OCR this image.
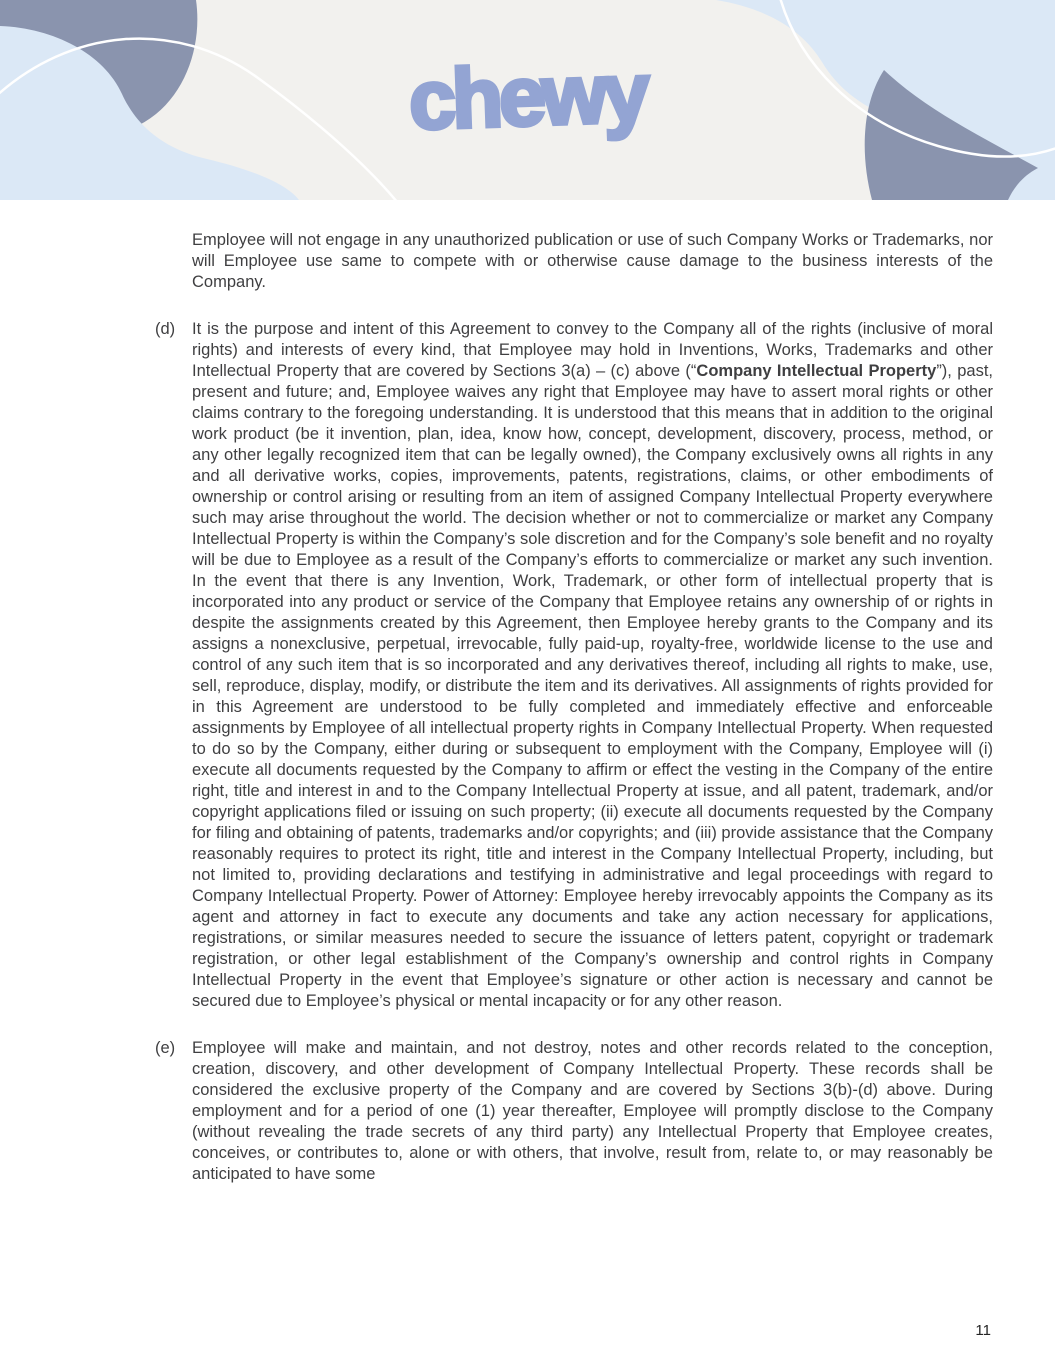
chewy
Employee will not engage in any unauthorized publication or use of such Company Works or Trademarks, nor will Employee use same to compete with or otherwise cause damage to the business interests of the Company.
(d)	It is the purpose and intent of this Agreement to convey to the Company all of the rights (inclusive of moral rights) and interests of every kind, that Employee may hold in Inventions, Works, Trademarks and other Intellectual Property that are covered by Sections 3(a) – (c) above (“Company Intellectual Property”), past, present and future; and, Employee waives any right that Employee may have to assert moral rights or other claims contrary to the foregoing understanding. It is understood that this means that in addition to the original work product (be it invention, plan, idea, know how, concept, development, discovery, process, method, or any other legally recognized item that can be legally owned), the Company exclusively owns all rights in any and all derivative works, copies, improvements, patents, registrations, claims, or other embodiments of ownership or control arising or resulting from an item of assigned Company Intellectual Property everywhere such may arise throughout the world. The decision whether or not to commercialize or market any Company Intellectual Property is within the Company’s sole discretion and for the Company’s sole benefit and no royalty will be due to Employee as a result of the Company’s efforts to commercialize or market any such invention. In the event that there is any Invention, Work, Trademark, or other form of intellectual property that is incorporated into any product or service of the Company that Employee retains any ownership of or rights in despite the assignments created by this Agreement, then Employee hereby grants to the Company and its assigns a nonexclusive, perpetual, irrevocable, fully paid-up, royalty-free, worldwide license to the use and control of any such item that is so incorporated and any derivatives thereof, including all rights to make, use, sell, reproduce, display, modify, or distribute the item and its derivatives. All assignments of rights provided for in this Agreement are understood to be fully completed and immediately effective and enforceable assignments by Employee of all intellectual property rights in Company Intellectual Property. When requested to do so by the Company, either during or subsequent to employment with the Company, Employee will (i) execute all documents requested by the Company to affirm or effect the vesting in the Company of the entire right, title and interest in and to the Company Intellectual Property at issue, and all patent, trademark, and/or copyright applications filed or issuing on such property; (ii) execute all documents requested by the Company for filing and obtaining of patents, trademarks and/or copyrights; and (iii) provide assistance that the Company reasonably requires to protect its right, title and interest in the Company Intellectual Property, including, but not limited to, providing declarations and testifying in administrative and legal proceedings with regard to Company Intellectual Property. Power of Attorney: Employee hereby irrevocably appoints the Company as its agent and attorney in fact to execute any documents and take any action necessary for applications, registrations, or similar measures needed to secure the issuance of letters patent, copyright or trademark registration, or other legal establishment of the Company’s ownership and control rights in Company Intellectual Property in the event that Employee’s signature or other action is necessary and cannot be secured due to Employee’s physical or mental incapacity or for any other reason.
(e)	Employee will make and maintain, and not destroy, notes and other records related to the conception, creation, discovery, and other development of Company Intellectual Property. These records shall be considered the exclusive property of the Company and are covered by Sections 3(b)-(d) above. During employment and for a period of one (1) year thereafter, Employee will promptly disclose to the Company (without revealing the trade secrets of any third party) any Intellectual Property that Employee creates, conceives, or contributes to, alone or with others, that involve, result from, relate to, or may reasonably be anticipated to have some
11
